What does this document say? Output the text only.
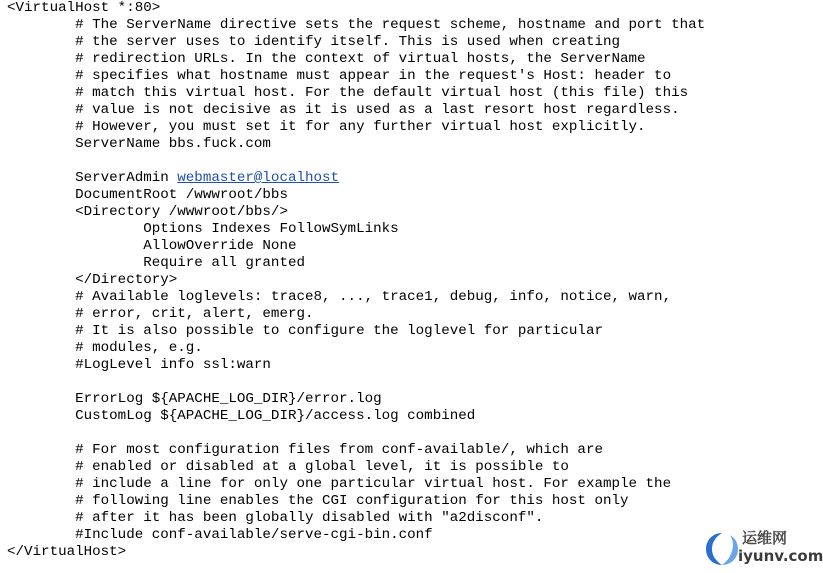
<VirtualHost *:80>
# The ServerName directive sets the request scheme, hostname and port that
# the server uses to identify itself. This is used when creating
# redirection URLs. In the context of virtual hosts, the ServerName
# specifies what hostname must appear in the request's Host: header to
# match this virtual host. For the default virtual host (this file) this
# value is not decisive as it is used as a last resort host regardless.
# However, you must set it for any further virtual host explicitly.
ServerName bbs.fuck.com
ServerAdmin webmaster@localhost
DocumentRoot /wwwroot/bbs
<Directory /wwwroot/bbs/>
Options Indexes FollowSymLinks
AllowOverride None
Require all granted
</Directory>
# Available loglevels: trace8, ..., trace1, debug, info, notice, warn,
# error, crit, alert, emerg.
# It is also possible to configure the loglevel for particular
# modules, e.g.
#LogLevel info ssl:warn
ErrorLog ${APACHE_LOG_DIR}/error.log
CustomLog ${APACHE_LOG_DIR}/access.log combined
# For most configuration files from conf-available/, which are
# enabled or disabled at a global level, it is possible to
# include a line for only one particular virtual host. For example the
# following line enables the CGI configuration for this host only
# after it has been globally disabled with "a2disconf".
#Include conf-available/serve-cgi-bin.conf
</VirtualHost>
运维网
iyunv.com
